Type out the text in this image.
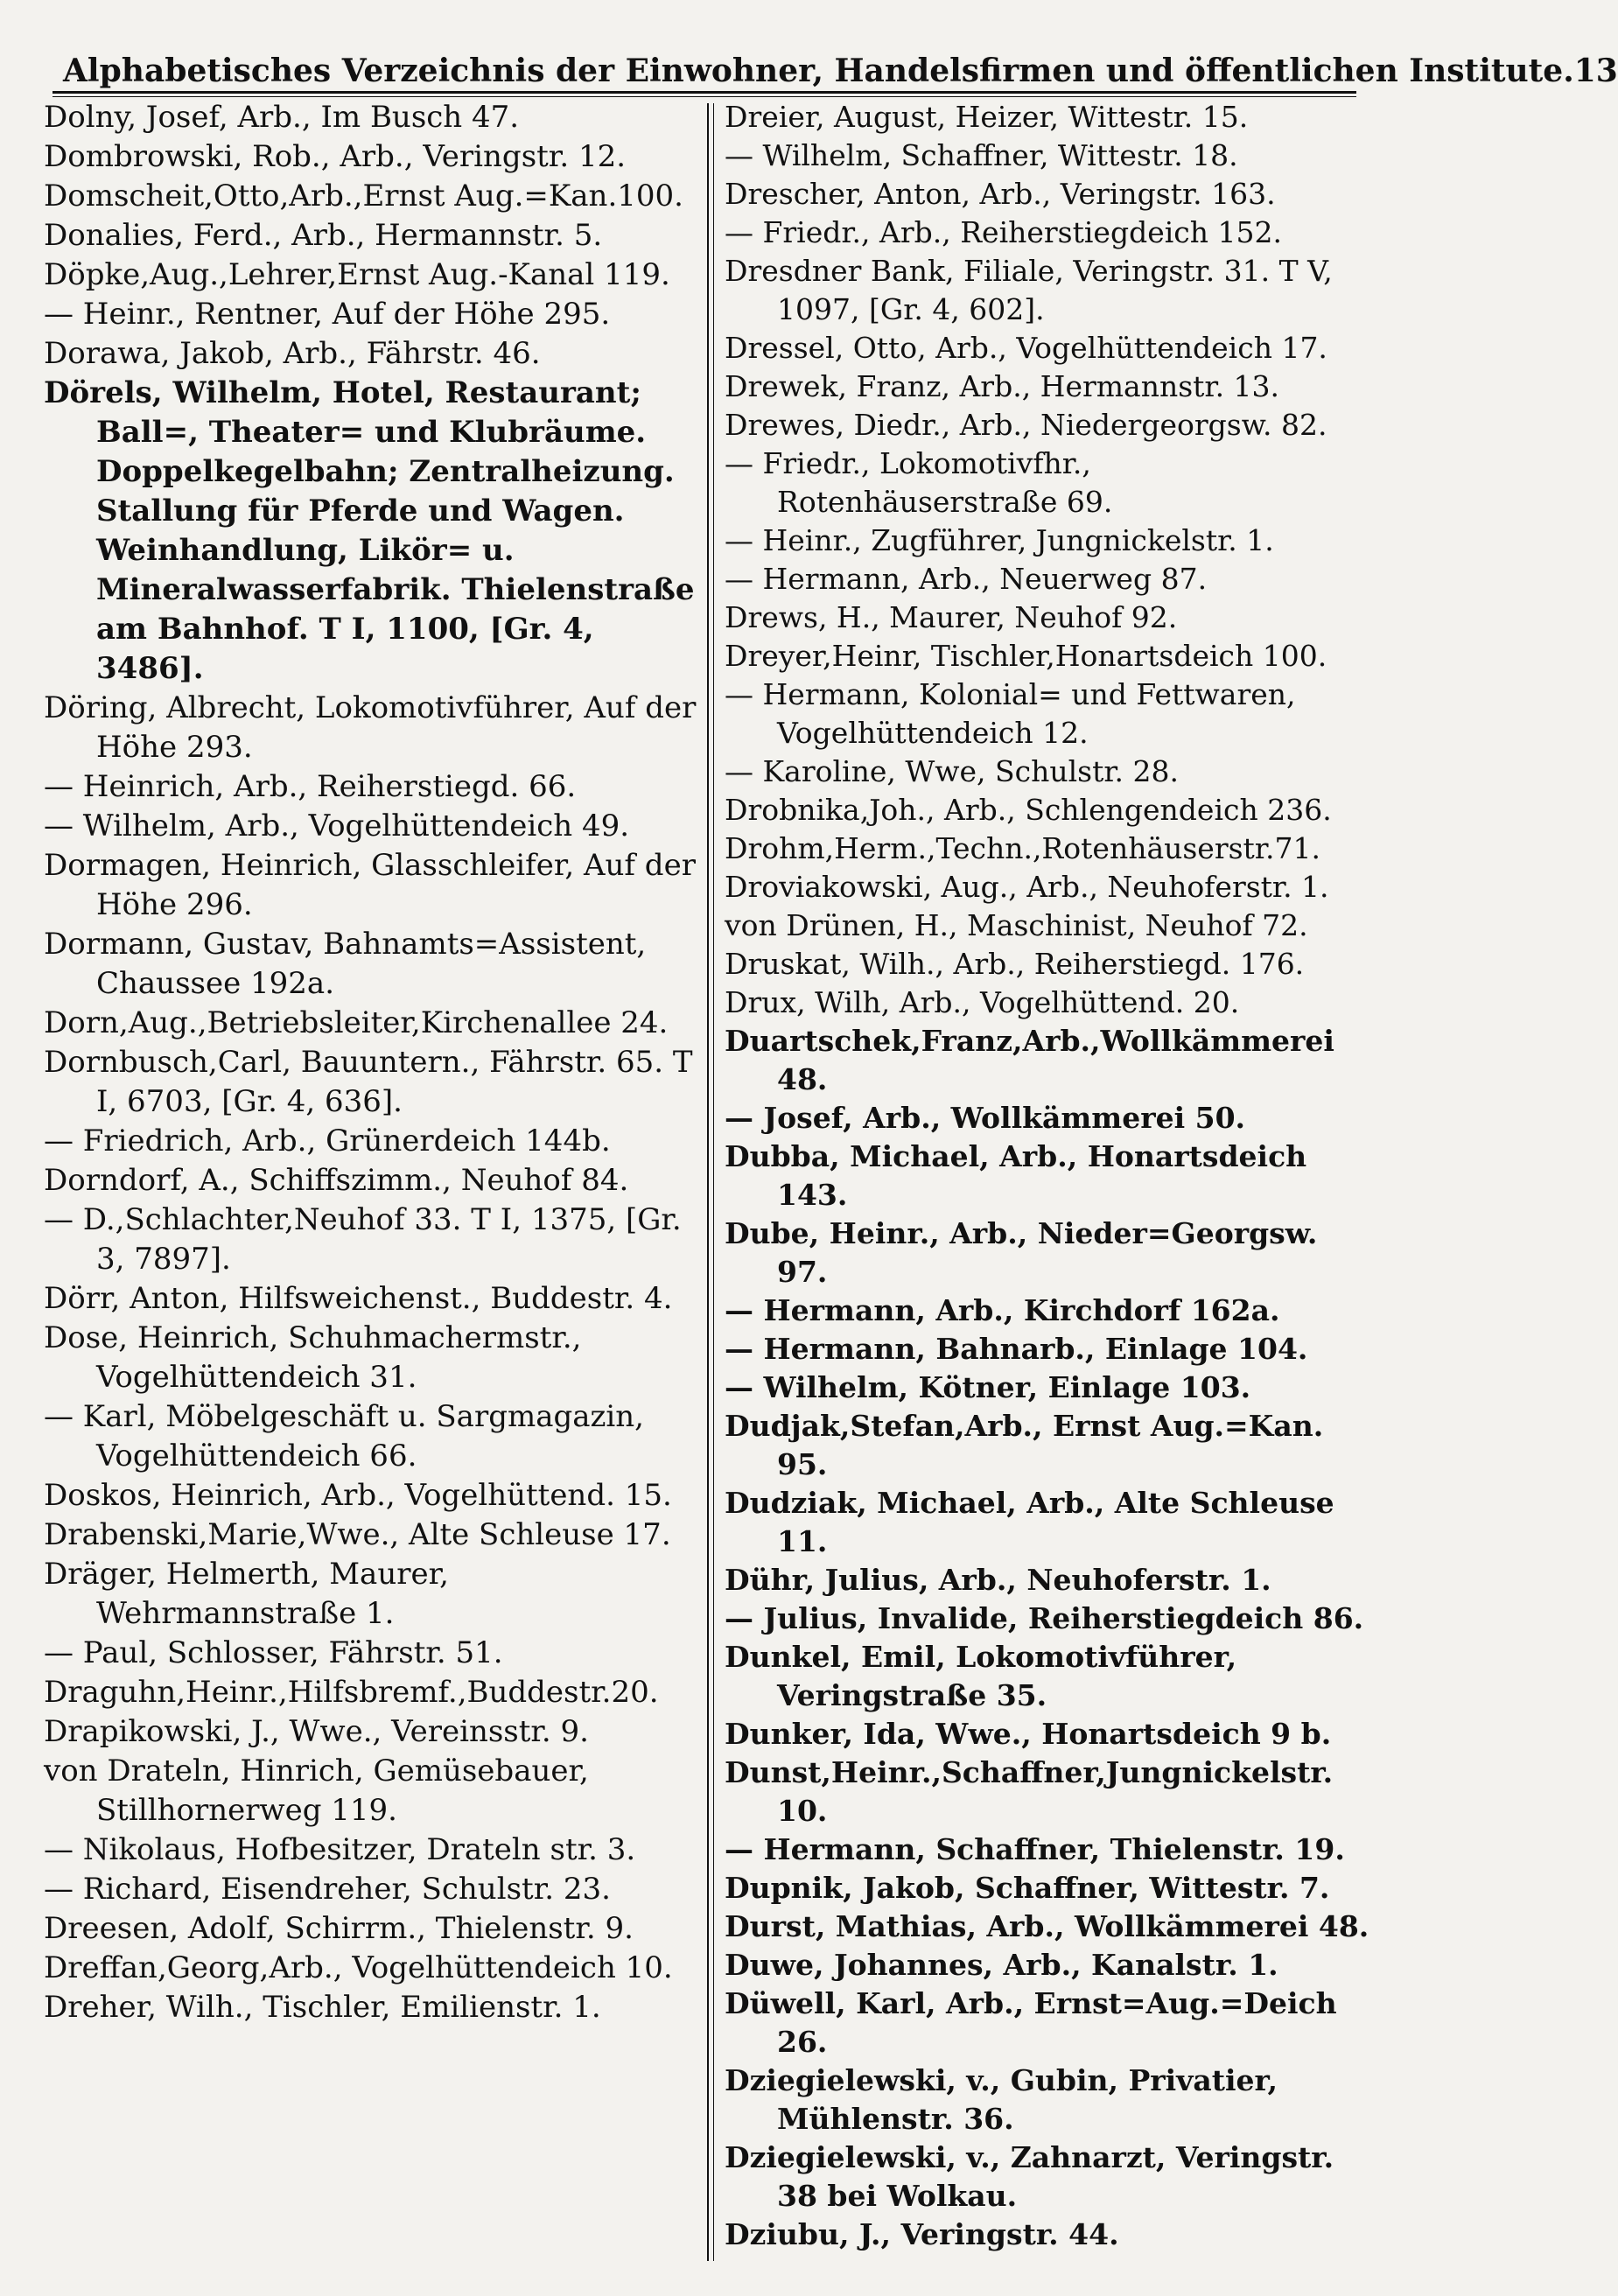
Alphabetisches Verzeichnis der Einwohner, Handelsfirmen und öffentlichen Institute. 13

Dolny, Josef, Arb., Im Busch 47.

Dombrowski, Rob., Arb., Veringstr. 12.

Domscheit,Otto,Arb.,Ernst Aug.=Kan.100.

Donalies, Ferd., Arb., Hermannstr. 5.

Döpke,Aug.,Lehrer,Ernst Aug.-Kanal 119.

— Heinr., Rentner, Auf der Höhe 295.

Dorawa, Jakob, Arb., Fährstr. 46.

Dörels, Wilhelm, Hotel, Restaurant; Ball=, Theater= und Klubräume. Doppelkegelbahn; Zentralheizung. Stallung für Pferde und Wagen. Weinhandlung, Likör= u. Mineralwasserfabrik. Thielenstraße am Bahnhof. T I, 1100, [Gr. 4, 3486].

Döring, Albrecht, Lokomotivführer, Auf der Höhe 293.

— Heinrich, Arb., Reiherstiegd. 66.

— Wilhelm, Arb., Vogelhüttendeich 49.

Dormagen, Heinrich, Glasschleifer, Auf der Höhe 296.

Dormann, Gustav, Bahnamts=Assistent, Chaussee 192a.

Dorn,Aug.,Betriebsleiter,Kirchenallee 24.

Dornbusch,Carl, Bauuntern., Fährstr. 65. T I, 6703, [Gr. 4, 636].

— Friedrich, Arb., Grünerdeich 144b.

Dorndorf, A., Schiffszimm., Neuhof 84.

— D.,Schlachter,Neuhof 33. T I, 1375, [Gr. 3, 7897].

Dörr, Anton, Hilfsweichenst., Buddestr. 4.

Dose, Heinrich, Schuhmachermstr., Vogelhüttendeich 31.

— Karl, Möbelgeschäft u. Sargmagazin, Vogelhüttendeich 66.

Doskos, Heinrich, Arb., Vogelhüttend. 15.

Drabenski,Marie,Wwe., Alte Schleuse 17.

Dräger, Helmerth, Maurer, Wehrmannstraße 1.

— Paul, Schlosser, Fährstr. 51.

Draguhn,Heinr.,Hilfsbremf.,Buddestr.20.

Drapikowski, J., Wwe., Vereinsstr. 9.

von Drateln, Hinrich, Gemüsebauer, Stillhornerweg 119.

— Nikolaus, Hofbesitzer, Drateln str. 3.

— Richard, Eisendreher, Schulstr. 23.

Dreesen, Adolf, Schirrm., Thielenstr. 9.

Dreffan,Georg,Arb., Vogelhüttendeich 10.

Dreher, Wilh., Tischler, Emilienstr. 1.

Dreier, August, Heizer, Wittestr. 15.

— Wilhelm, Schaffner, Wittestr. 18.

Drescher, Anton, Arb., Veringstr. 163.

— Friedr., Arb., Reiherstiegdeich 152.

Dresdner Bank, Filiale, Veringstr. 31. T V, 1097, [Gr. 4, 602].

Dressel, Otto, Arb., Vogelhüttendeich 17.

Drewek, Franz, Arb., Hermannstr. 13.

Drewes, Diedr., Arb., Niedergeorgsw. 82.

— Friedr., Lokomotivfhr., Rotenhäuserstraße 69.

— Heinr., Zugführer, Jungnickelstr. 1.

— Hermann, Arb., Neuerweg 87.

Drews, H., Maurer, Neuhof 92.

Dreyer,Heinr, Tischler,Honartsdeich 100.

— Hermann, Kolonial= und Fettwaren, Vogelhüttendeich 12.

— Karoline, Wwe, Schulstr. 28.

Drobnika,Joh., Arb., Schlengendeich 236.

Drohm,Herm.,Techn.,Rotenhäuserstr.71.

Droviakowski, Aug., Arb., Neuhoferstr. 1.

von Drünen, H., Maschinist, Neuhof 72.

Druskat, Wilh., Arb., Reiherstiegd. 176.

Drux, Wilh, Arb., Vogelhüttend. 20.

Duartschek,Franz,Arb.,Wollkämmerei 48.

— Josef, Arb., Wollkämmerei 50.

Dubba, Michael, Arb., Honartsdeich 143.

Dube, Heinr., Arb., Nieder=Georgsw. 97.

— Hermann, Arb., Kirchdorf 162a.

— Hermann, Bahnarb., Einlage 104.

— Wilhelm, Kötner, Einlage 103.

Dudjak,Stefan,Arb., Ernst Aug.=Kan. 95.

Dudziak, Michael, Arb., Alte Schleuse 11.

Dühr, Julius, Arb., Neuhoferstr. 1.

— Julius, Invalide, Reiherstiegdeich 86.

Dunkel, Emil, Lokomotivführer, Veringstraße 35.

Dunker, Ida, Wwe., Honartsdeich 9 b.

Dunst,Heinr.,Schaffner,Jungnickelstr. 10.

— Hermann, Schaffner, Thielenstr. 19.

Dupnik, Jakob, Schaffner, Wittestr. 7.

Durst, Mathias, Arb., Wollkämmerei 48.

Duwe, Johannes, Arb., Kanalstr. 1.

Düwell, Karl, Arb., Ernst=Aug.=Deich 26.

Dziegielewski, v., Gubin, Privatier, Mühlenstr. 36.

Dziegielewski, v., Zahnarzt, Veringstr. 38 bei Wolkau.

Dziubu, J., Veringstr. 44.
